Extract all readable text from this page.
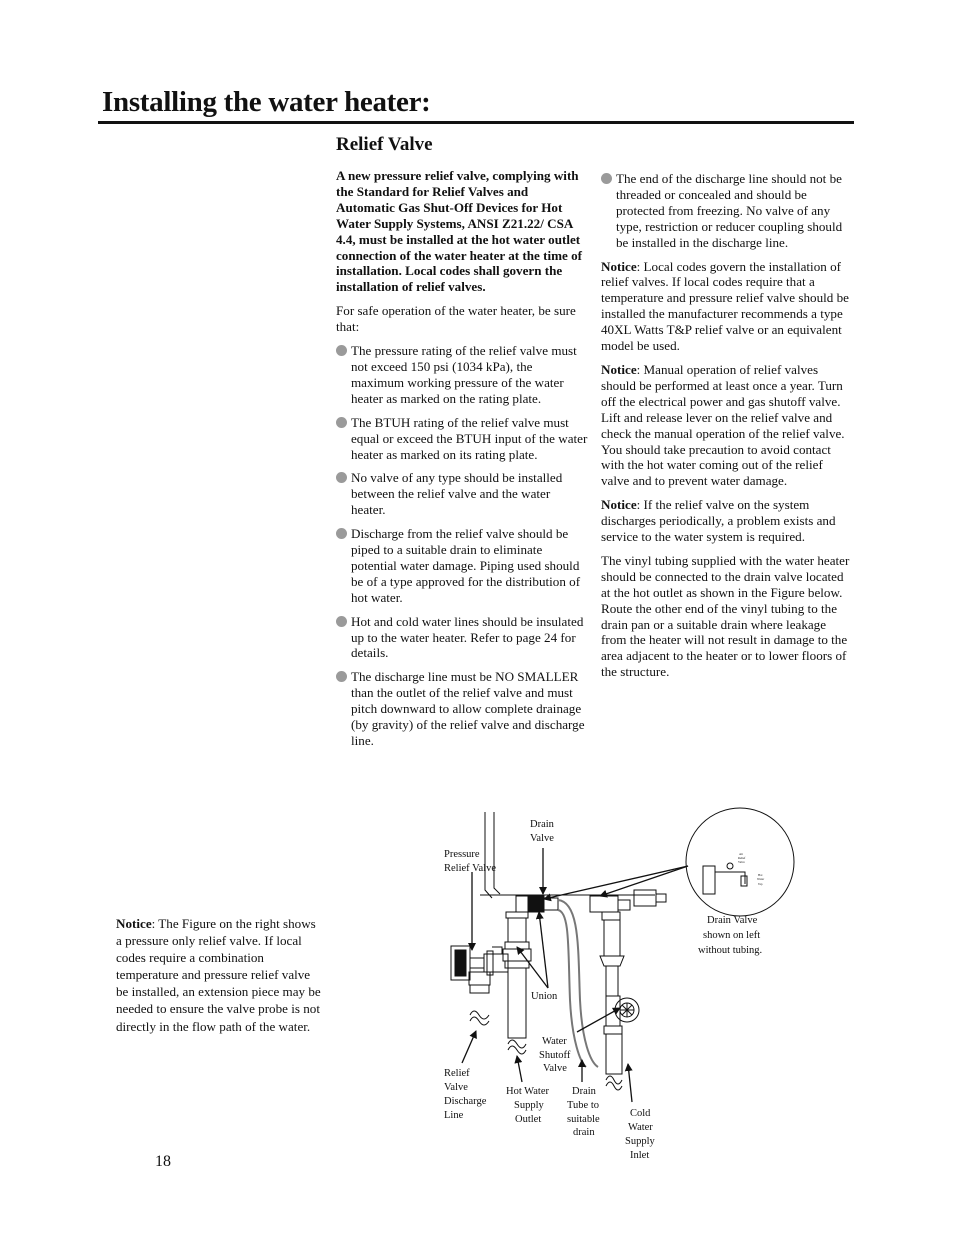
Installing the water heater:
Relief Valve

A new pressure relief valve, complying with the Standard for Relief Valves and Automatic Gas Shut-Off Devices for Hot Water Supply Systems, ANSI Z21.22/ CSA 4.4, must be installed at the hot water outlet connection of the water heater at the time of installation. Local codes shall govern the installation of relief valves.

For safe operation of the water heater, be sure that:

The pressure rating of the relief valve must not exceed 150 psi (1034 kPa), the maximum working pressure of the water heater as marked on the rating plate.
The BTUH rating of the relief valve must equal or exceed the BTUH input of the water heater as marked on its rating plate.
No valve of any type should be installed between the relief valve and the water heater.
Discharge from the relief valve should be piped to a suitable drain to eliminate potential water damage. Piping used should be of a type approved for the distribution of hot water.
Hot and cold water lines should be insulated up to the water heater. Refer to page 24 for details.
The discharge line must be NO SMALLER than the outlet of the relief valve and must pitch downward to allow complete drainage (by gravity) of the relief valve and discharge line.
The end of the discharge line should not be threaded or concealed and should be protected from freezing. No valve of any type, restriction or reducer coupling should be installed in the discharge line.

Notice: Local codes govern the installation of relief valves. If local codes require that a temperature and pressure relief valve should be installed the manufacturer recommends a type 40XL Watts T&P relief valve or an equivalent model be used.

Notice: Manual operation of relief valves should be performed at least once a year. Turn off the electrical power and gas shutoff valve. Lift and release lever on the relief valve and check the manual operation of the relief valve. You should take precaution to avoid contact with the hot water coming out of the relief valve and to prevent water damage.

Notice: If the relief valve on the system discharges periodically, a problem exists and service to the water system is required.

The vinyl tubing supplied with the water heater should be connected to the drain valve located at the hot outlet as shown in the Figure below. Route the other end of the vinyl tubing to the drain pan or a suitable drain where leakage from the heater will not result in damage to the area adjacent to the heater or to lower floors of the structure.

Notice: The Figure on the right shows a pressure only relief valve. If local codes require a combination temperature and pressure relief valve be installed, an extension piece may be needed to ensure the valve probe is not directly in the flow path of the water.

18
Drain
Valve
Pressure
Relief Valve
Union
Water
Shutoff
Valve
Relief
Valve
Discharge
Line
Hot Water
Supply
Outlet
Drain
Tube to
suitable
drain
Cold
Water
Supply
Inlet
Drain Valve
shown on left
without tubing.
Air
Relief
Valve
Hot
Water
Tap
